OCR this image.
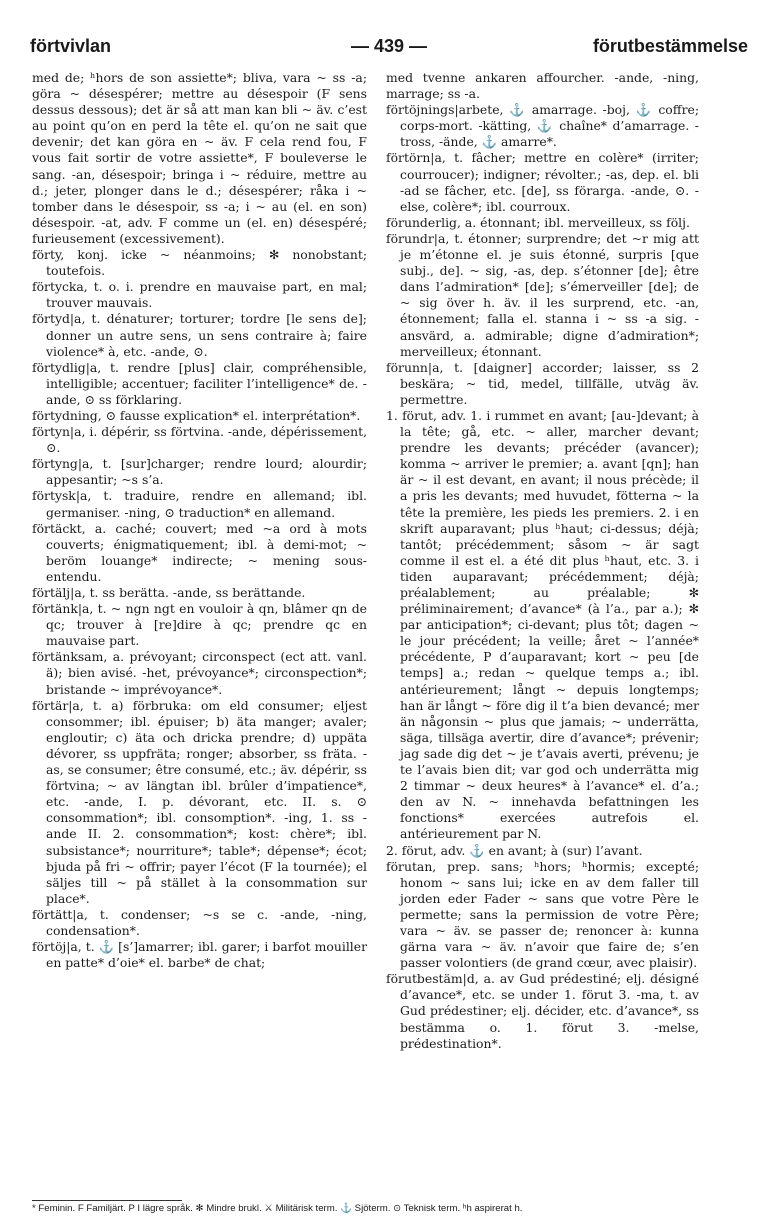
förtvivlan	— 439 —	förutbestämmelse
med de; ʰhors de son assiette*; bliva, vara ~ ss -a; göra ~ désespérer; mettre au désespoir (F sens dessus dessous); det är så att man kan bli ~ äv. c’est au point qu’on en perd la tête el. qu’on ne sait que devenir; det kan göra en ~ äv. F cela rend fou, F vous fait sortir de votre assiette*, F bouleverse le sang. -an, désespoir; bringa i ~ réduire, mettre au d.; jeter, plonger dans le d.; désespérer; råka i ~ tomber dans le désespoir, ss -a; i ~ au (el. en son) désespoir. -at, adv. F comme un (el. en) désespéré; furieusement (excessivement).
förty, konj. icke ~ néanmoins; ✻ nonobstant; toutefois.
förtycka, t. o. i. prendre en mauvaise part, en mal; trouver mauvais.
förtyd|a, t. dénaturer; torturer; tordre [le sens de]; donner un autre sens, un sens contraire à; faire violence* à, etc. -ande, ⊙.
förtydlig|a, t. rendre [plus] clair, compréhensible, intelligible; accentuer; faciliter l’intelligence* de. -ande, ⊙ ss förklaring.
förtydning, ⊙ fausse explication* el. interprétation*.
förtyn|a, i. dépérir, ss förtvina. -ande, dépérissement, ⊙.
förtyng|a, t. [sur]charger; rendre lourd; alourdir; appesantir; ~s s’a.
förtysk|a, t. traduire, rendre en allemand; ibl. germaniser. -ning, ⊙ traduction* en allemand.
förtäckt, a. caché; couvert; med ~a ord à mots couverts; énigmatiquement; ibl. à demi-mot; ~ beröm louange* indirecte; ~ mening sous-entendu.
förtälj|a, t. ss berätta. -ande, ss berättande.
förtänk|a, t. ~ ngn ngt en vouloir à qn, blâmer qn de qc; trouver à [re]dire à qc; prendre qc en mauvaise part.
förtänksam, a. prévoyant; circonspect (ect att. vanl. ä); bien avisé. -het, prévoyance*; circonspection*; bristande ~ imprévoyance*.
förtär|a, t. a) förbruka: om eld consumer; eljest consommer; ibl. épuiser; b) äta manger; avaler; engloutir; c) äta och dricka prendre; d) uppäta dévorer, ss uppfräta; ronger; absorber, ss fräta. -as, se consumer; être consumé, etc.; äv. dépérir, ss förtvina; ~ av längtan ibl. brûler d’impatience*, etc. -ande, I. p. dévorant, etc. II. s. ⊙ consommation*; ibl. consomption*. -ing, 1. ss -ande II. 2. consommation*; kost: chère*; ibl. subsistance*; nourriture*; table*; dépense*; écot; bjuda på fri ~ offrir; payer l’écot (F la tournée); el säljes till ~ på stället à la consommation sur place*.
förtätt|a, t. condenser; ~s se c. -ande, -ning, condensation*.
förtöj|a, t. ⚓ [s’]amarrer; ibl. garer; i barfot mouiller en patte* d’oie* el. barbe* de chat;
med tvenne ankaren affourcher. -ande, -ning, marrage; ss -a.
förtöjnings|arbete, ⚓ amarrage. -boj, ⚓ coffre; corps-mort. -kätting, ⚓ chaîne* d’amarrage. -tross, -ände, ⚓ amarre*.
förtörn|a, t. fâcher; mettre en colère* (irriter; courroucer); indigner; révolter.; -as, dep. el. bli -ad se fâcher, etc. [de], ss förarga. -ande, ⊙. -else, colère*; ibl. courroux.
förunderlig, a. étonnant; ibl. merveilleux, ss följ.
förundr|a, t. étonner; surprendre; det ~r mig att je m’étonne el. je suis étonné, surpris [que subj., de]. ~ sig, -as, dep. s’étonner [de]; être dans l’admiration* [de]; s’émerveiller [de]; de ~ sig över h. äv. il les surprend, etc. -an, étonnement; falla el. stanna i ~ ss -a sig. -ansvärd, a. admirable; digne d’admiration*; merveilleux; étonnant.
förunn|a, t. [daigner] accorder; laisser, ss 2 beskära; ~ tid, medel, tillfälle, utväg äv. permettre.
1. förut, adv. 1. i rummet en avant; [au-]devant; à la tête; gå, etc. ~ aller, marcher devant; prendre les devants; précéder (avancer); komma ~ arriver le premier; a. avant [qn]; han är ~ il est devant, en avant; il nous précède; il a pris les devants; med huvudet, fötterna ~ la tête la première, les pieds les premiers. 2. i en skrift auparavant; plus ʰhaut; ci-dessus; déjà; tantôt; précédemment; såsom ~ är sagt comme il est el. a été dit plus ʰhaut, etc. 3. i tiden auparavant; précédemment; déjà; préalablement; au préalable; ✻ préliminairement; d’avance* (à l’a., par a.); ✻ par anticipation*; ci-devant; plus tôt; dagen ~ le jour précédent; la veille; året ~ l’année* précédente, P d’auparavant; kort ~ peu [de temps] a.; redan ~ quelque temps a.; ibl. antérieurement; långt ~ depuis longtemps; han är långt ~ före dig il t’a bien devancé; mer än någonsin ~ plus que jamais; ~ underrätta, säga, tillsäga avertir, dire d’avance*; prévenir; jag sade dig det ~ je t’avais averti, prévenu; je te l’avais bien dit; var god och underrätta mig 2 timmar ~ deux heures* à l’avance* el. d’a.; den av N. ~ innehavda befattningen les fonctions* exercées autrefois el. antérieurement par N.
2. förut, adv. ⚓ en avant; à (sur) l’avant.
förutan, prep. sans; ʰhors; ʰhormis; excepté; honom ~ sans lui; icke en av dem faller till jorden eder Fader ~ sans que votre Père le permette; sans la permission de votre Père; vara ~ äv. se passer de; renoncer à: kunna gärna vara ~ äv. n’avoir que faire de; s’en passer volontiers (de grand cœur, avec plaisir).
förutbestäm|d, a. av Gud prédestiné; elj. désigné d’avance*, etc. se under 1. förut 3. -ma, t. av Gud prédestiner; elj. décider, etc. d’avance*, ss bestämma o. 1. förut 3. -melse, prédestination*.
* Feminin. F Familjärt. P I lägre språk. ✻ Mindre brukl. ⚔ Militärisk term. ⚓ Sjöterm. ⊙ Teknisk term. ʰh aspirerat h.
